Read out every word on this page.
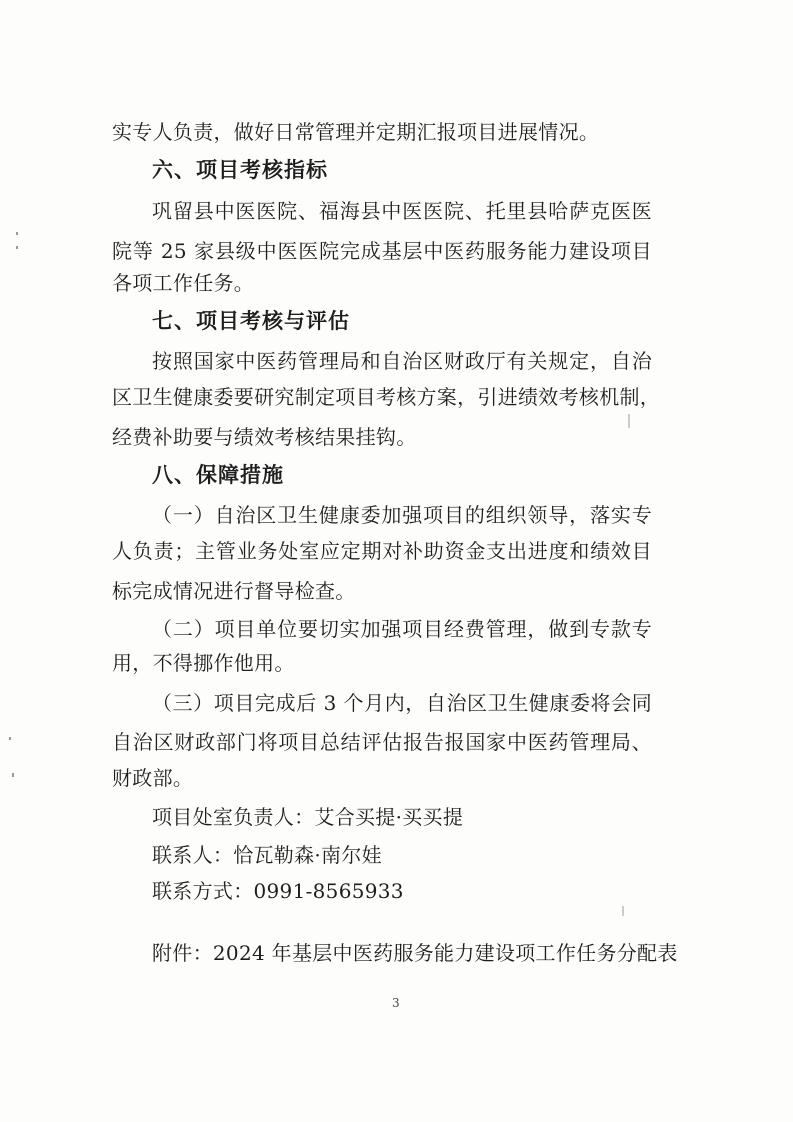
实专人负责，做好日常管理并定期汇报项目进展情况。
六、项目考核指标
巩留县中医医院、福海县中医医院、托里县哈萨克医医
院等 25 家县级中医医院完成基层中医药服务能力建设项目
各项工作任务。
七、项目考核与评估
按照国家中医药管理局和自治区财政厅有关规定，自治
区卫生健康委要研究制定项目考核方案，引进绩效考核机制，
经费补助要与绩效考核结果挂钩。
八、保障措施
（一）自治区卫生健康委加强项目的组织领导，落实专
人负责；主管业务处室应定期对补助资金支出进度和绩效目
标完成情况进行督导检查。
（二）项目单位要切实加强项目经费管理，做到专款专
用，不得挪作他用。
（三）项目完成后 3 个月内，自治区卫生健康委将会同
自治区财政部门将项目总结评估报告报国家中医药管理局、
财政部。
项目处室负责人：艾合买提·买买提
联系人：恰瓦勒森·南尔娃
联系方式：0991-8565933
附件：2024 年基层中医药服务能力建设项工作任务分配表
3
